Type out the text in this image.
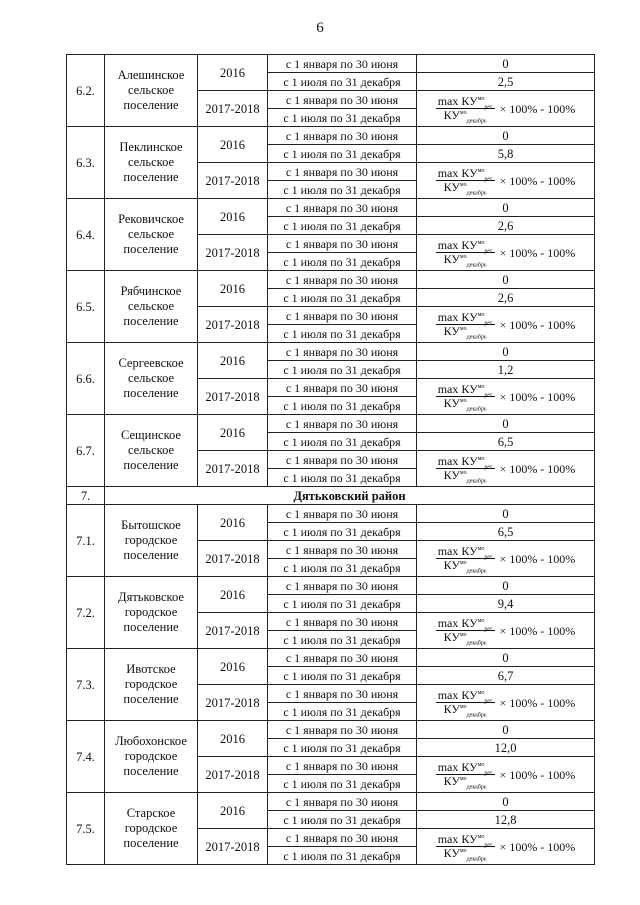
6
6.2.	Алешинское сельское поселение	2016	с 1 января по 30 июня	0
			с 1 июля по 31 декабря	2,5
		2017-2018	с 1 января по 30 июня	$\frac{\max КУ^{мо}_{рег}}{КУ^{мо}_{декабрь}} \times 100\% - 100\%$

			с 1 июля по 31 декабря	
6.3.	Пеклинское сельское поселение	2016	с 1 января по 30 июня	0
			с 1 июля по 31 декабря	5,8
		2017-2018	с 1 января по 30 июня	$\frac{\max КУ^{мо}_{рег}}{КУ^{мо}_{декабрь}} \times 100\% - 100\%$

			с 1 июля по 31 декабря	
6.4.	Рековичское сельское поселение	2016	с 1 января по 30 июня	0
			с 1 июля по 31 декабря	2,6
		2017-2018	с 1 января по 30 июня	$\frac{\max КУ^{мо}_{рег}}{КУ^{мо}_{декабрь}} \times 100\% - 100\%$

			с 1 июля по 31 декабря	
6.5.	Рябчинское сельское поселение	2016	с 1 января по 30 июня	0
			с 1 июля по 31 декабря	2,6
		2017-2018	с 1 января по 30 июня	$\frac{\max КУ^{мо}_{рег}}{КУ^{мо}_{декабрь}} \times 100\% - 100\%$

			с 1 июля по 31 декабря	
6.6.	Сергеевское сельское поселение	2016	с 1 января по 30 июня	0
			с 1 июля по 31 декабря	1,2
		2017-2018	с 1 января по 30 июня	$\frac{\max КУ^{мо}_{рег}}{КУ^{мо}_{декабрь}} \times 100\% - 100\%$

			с 1 июля по 31 декабря	
6.7.	Сещинское сельское поселение	2016	с 1 января по 30 июня	0
			с 1 июля по 31 декабря	6,5
		2017-2018	с 1 января по 30 июня	$\frac{\max КУ^{мо}_{рег}}{КУ^{мо}_{декабрь}} \times 100\% - 100\%$

			с 1 июля по 31 декабря	
7.	Дятьковский район			
7.1.	Бытошское городское поселение	2016	с 1 января по 30 июня	0
			с 1 июля по 31 декабря	6,5
		2017-2018	с 1 января по 30 июня	$\frac{\max КУ^{мо}_{рег}}{КУ^{мо}_{декабрь}} \times 100\% - 100\%$

			с 1 июля по 31 декабря	
7.2.	Дятьковское городское поселение	2016	с 1 января по 30 июня	0
			с 1 июля по 31 декабря	9,4
		2017-2018	с 1 января по 30 июня	$\frac{\max КУ^{мо}_{рег}}{КУ^{мо}_{декабрь}} \times 100\% - 100\%$

			с 1 июля по 31 декабря	
7.3.	Ивотское городское поселение	2016	с 1 января по 30 июня	0
			с 1 июля по 31 декабря	6,7
		2017-2018	с 1 января по 30 июня	$\frac{\max КУ^{мо}_{рег}}{КУ^{мо}_{декабрь}} \times 100\% - 100\%$

			с 1 июля по 31 декабря	
7.4.	Любохонское городское поселение	2016	с 1 января по 30 июня	0
			с 1 июля по 31 декабря	12,0
		2017-2018	с 1 января по 30 июня	$\frac{\max КУ^{мо}_{рег}}{КУ^{мо}_{декабрь}} \times 100\% - 100\%$

			с 1 июля по 31 декабря	
7.5.	Старское городское поселение	2016	с 1 января по 30 июня	0
			с 1 июля по 31 декабря	12,8
		2017-2018	с 1 января по 30 июня	$\frac{\max КУ^{мо}_{рег}}{КУ^{мо}_{декабрь}} \times 100\% - 100\%$

			с 1 июля по 31 декабря	
